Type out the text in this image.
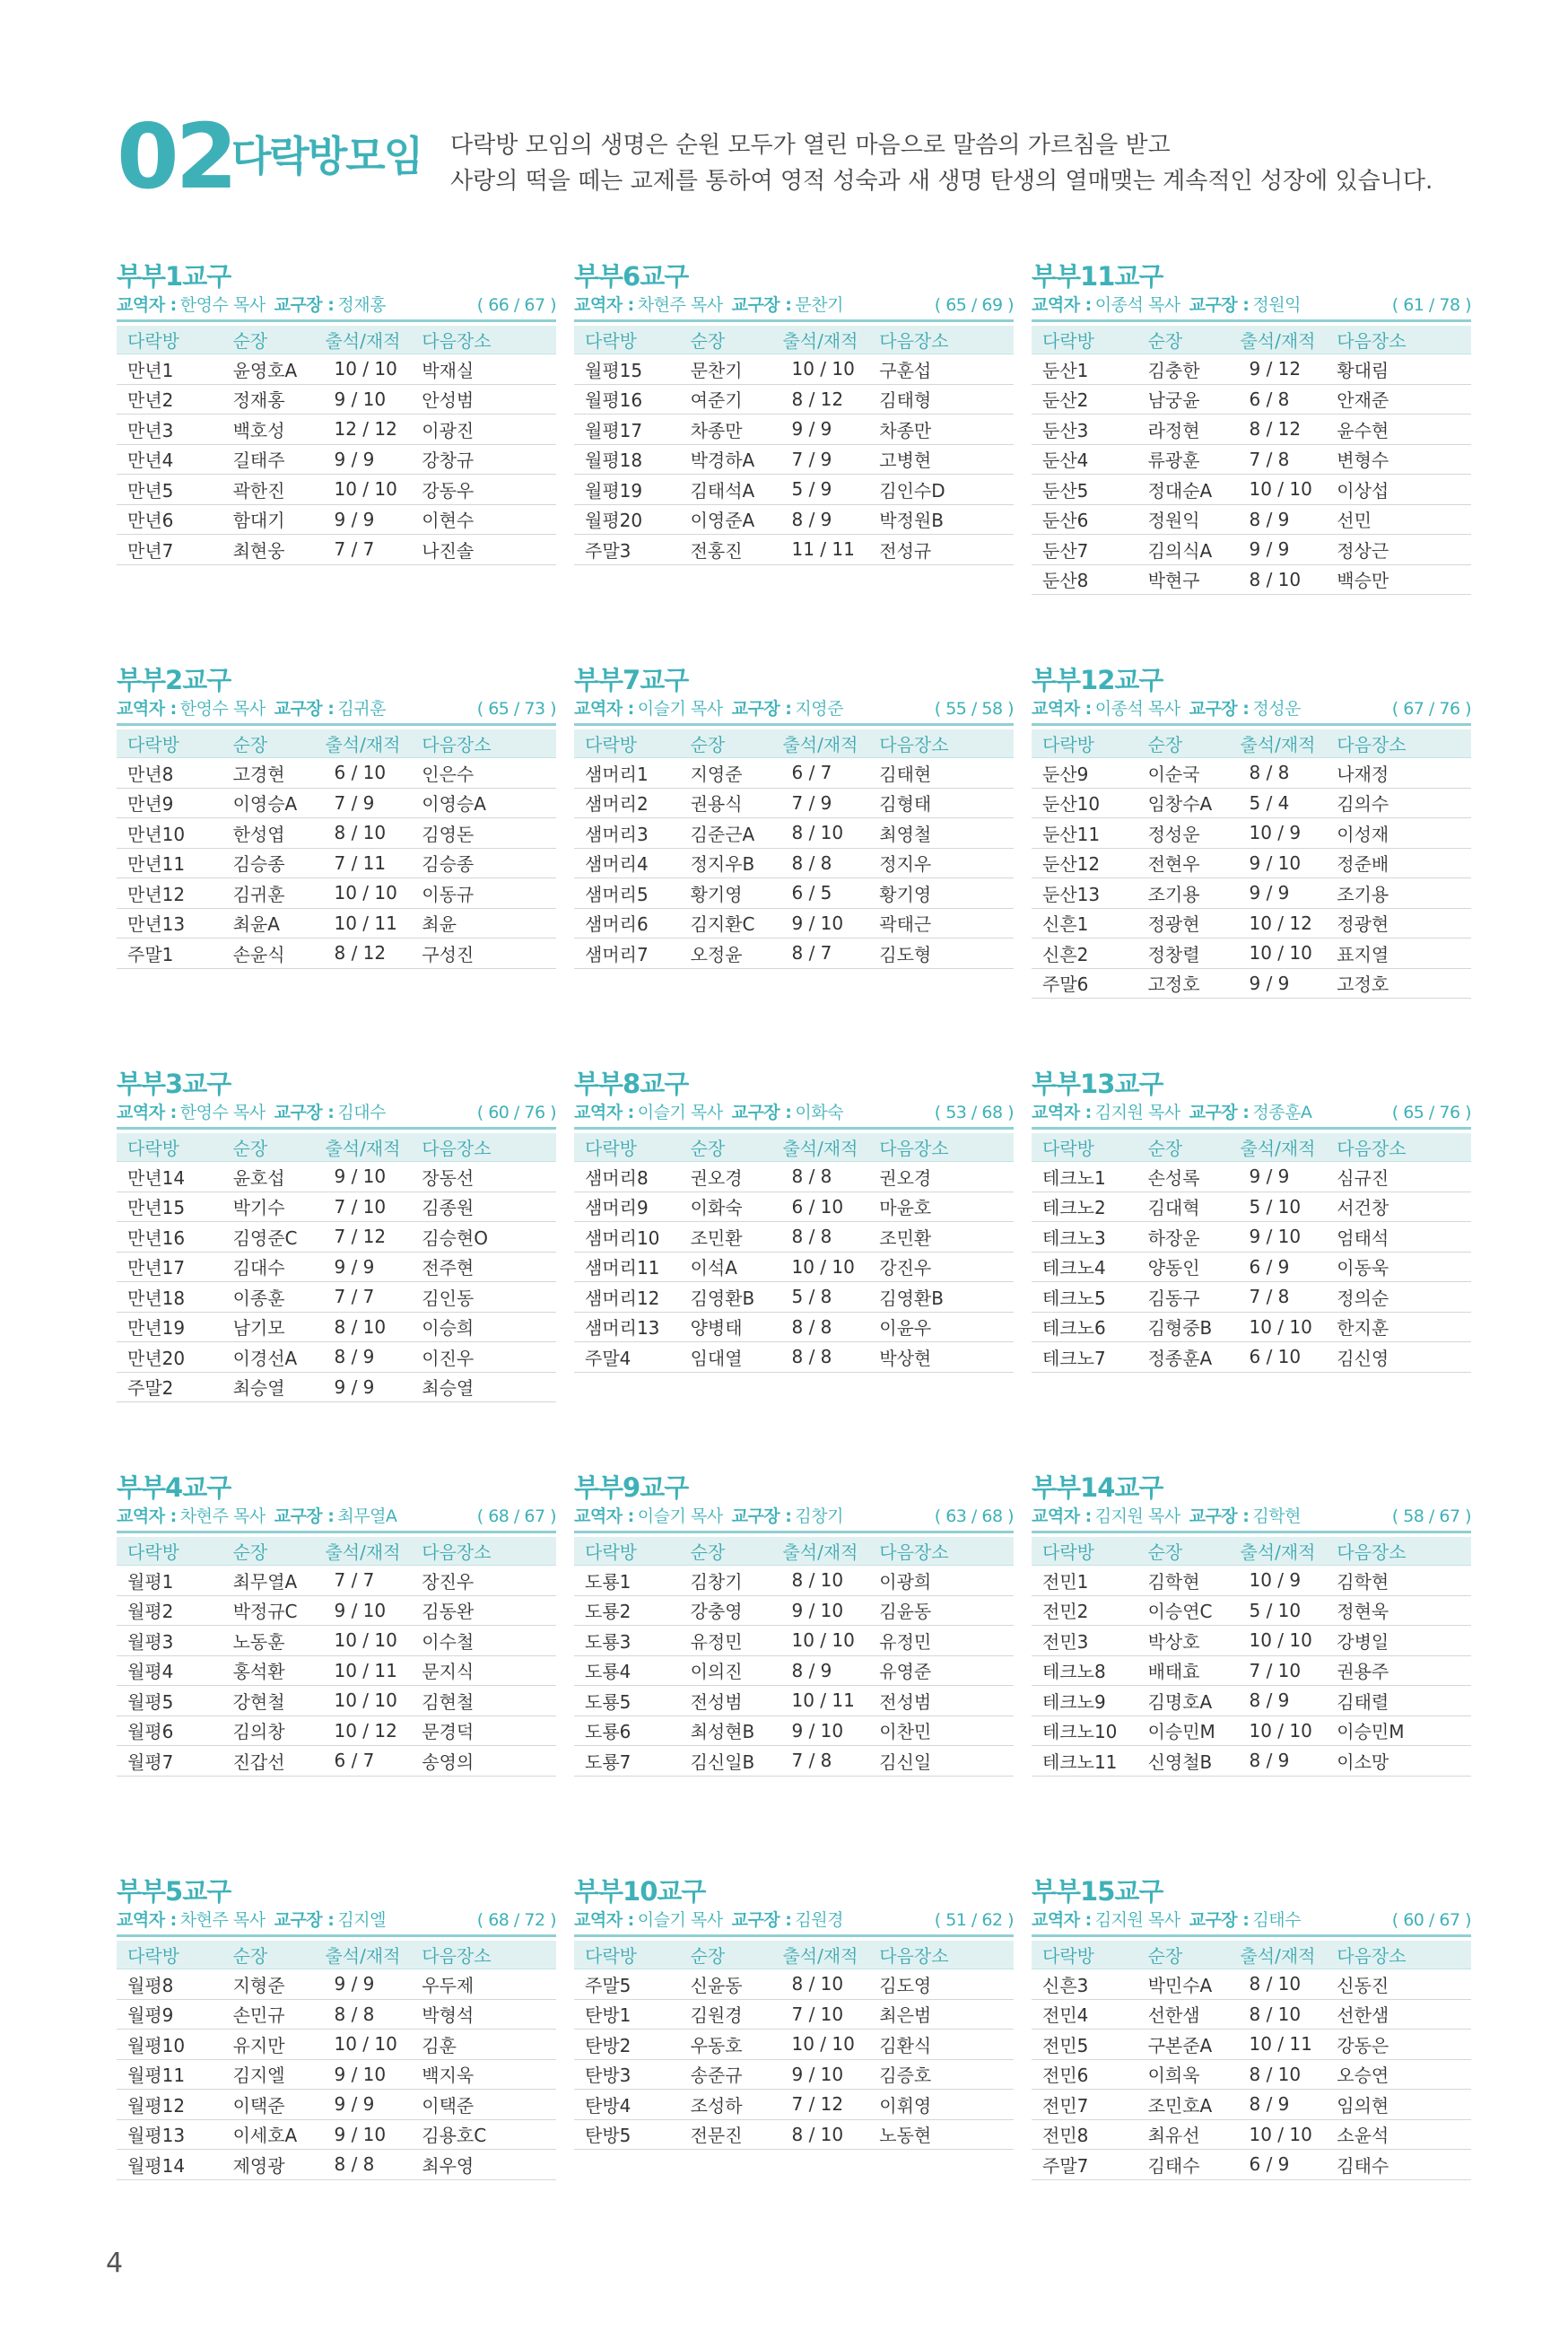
02
다락방모임 다락방 모임의 생명은 순원 모두가 열린 마음으로 말씀의 가르침을 받고
사랑의 떡을 떼는 교제를 통하여 영적 성숙과 새 생명 탄생의 열매맺는 계속적인 성장에 있습니다.
부부1교구
교역자 : 한영수 목사 교구장 : 정재홍	( 66 / 67 )
다락방	순장	출석/재적	다음장소
만년1	윤영호A	10 / 10	박재실
만년2	정재홍	9 / 10	안성범
만년3	백호성	12 / 12	이광진
만년4	길태주	9 / 9	강창규
만년5	곽한진	10 / 10	강동우
만년6	함대기	9 / 9	이현수
만년7	최현웅	7 / 7	나진솔
부부6교구
교역자 : 차현주 목사 교구장 : 문찬기	( 65 / 69 )
다락방	순장	출석/재적	다음장소
월평15	문찬기	10 / 10	구훈섭
월평16	여준기	8 / 12	김태형
월평17	차종만	9 / 9	차종만
월평18	박경하A	7 / 9	고병현
월평19	김태석A	5 / 9	김인수D
월평20	이영준A	8 / 9	박정원B
주말3	전홍진	11 / 11	전성규
부부11교구
교역자 : 이종석 목사 교구장 : 정원익	( 61 / 78 )
다락방	순장	출석/재적	다음장소
둔산1	김충한	9 / 12	황대림
둔산2	남궁윤	6 / 8	안재준
둔산3	라정현	8 / 12	윤수현
둔산4	류광훈	7 / 8	변형수
둔산5	정대순A	10 / 10	이상섭
둔산6	정원익	8 / 9	선민
둔산7	김의식A	9 / 9	정상근
둔산8	박현구	8 / 10	백승만
부부2교구
교역자 : 한영수 목사 교구장 : 김귀훈	( 65 / 73 )
다락방	순장	출석/재적	다음장소
만년8	고경현	6 / 10	인은수
만년9	이영승A	7 / 9	이영승A
만년10	한성엽	8 / 10	김영돈
만년11	김승종	7 / 11	김승종
만년12	김귀훈	10 / 10	이동규
만년13	최윤A	10 / 11	최윤
주말1	손윤식	8 / 12	구성진
부부7교구
교역자 : 이슬기 목사 교구장 : 지영준	( 55 / 58 )
다락방	순장	출석/재적	다음장소
샘머리1	지영준	6 / 7	김태현
샘머리2	권용식	7 / 9	김형태
샘머리3	김준근A	8 / 10	최영철
샘머리4	정지우B	8 / 8	정지우
샘머리5	황기영	6 / 5	황기영
샘머리6	김지환C	9 / 10	곽태근
샘머리7	오정윤	8 / 7	김도형
부부12교구
교역자 : 이종석 목사 교구장 : 정성운	( 67 / 76 )
다락방	순장	출석/재적	다음장소
둔산9	이순국	8 / 8	나재정
둔산10	임창수A	5 / 4	김의수
둔산11	정성운	10 / 9	이성재
둔산12	전현우	9 / 10	정준배
둔산13	조기용	9 / 9	조기용
신흔1	정광현	10 / 12	정광현
신흔2	정창렬	10 / 10	표지열
주말6	고정호	9 / 9	고정호
부부3교구
교역자 : 한영수 목사 교구장 : 김대수	( 60 / 76 )
다락방	순장	출석/재적	다음장소
만년14	윤호섭	9 / 10	장동선
만년15	박기수	7 / 10	김종원
만년16	김영준C	7 / 12	김승현O
만년17	김대수	9 / 9	전주현
만년18	이종훈	7 / 7	김인동
만년19	남기모	8 / 10	이승희
만년20	이경선A	8 / 9	이진우
주말2	최승열	9 / 9	최승열
부부8교구
교역자 : 이슬기 목사 교구장 : 이화숙	( 53 / 68 )
다락방	순장	출석/재적	다음장소
샘머리8	권오경	8 / 8	권오경
샘머리9	이화숙	6 / 10	마윤호
샘머리10	조민환	8 / 8	조민환
샘머리11	이석A	10 / 10	강진우
샘머리12	김영환B	5 / 8	김영환B
샘머리13	양병태	8 / 8	이윤우
주말4	임대열	8 / 8	박상현
부부13교구
교역자 : 김지원 목사 교구장 : 정종훈A	( 65 / 76 )
다락방	순장	출석/재적	다음장소
테크노1	손성록	9 / 9	심규진
테크노2	김대혁	5 / 10	서건창
테크노3	하장운	9 / 10	엄태석
테크노4	양동인	6 / 9	이동욱
테크노5	김동구	7 / 8	정의순
테크노6	김형중B	10 / 10	한지훈
테크노7	정종훈A	6 / 10	김신영
부부4교구
교역자 : 차현주 목사 교구장 : 최무열A	( 68 / 67 )
다락방	순장	출석/재적	다음장소
월평1	최무열A	7 / 7	장진우
월평2	박정규C	9 / 10	김동완
월평3	노동훈	10 / 10	이수철
월평4	홍석환	10 / 11	문지식
월평5	강현철	10 / 10	김현철
월평6	김의창	10 / 12	문경덕
월평7	진갑선	6 / 7	송영의
부부9교구
교역자 : 이슬기 목사 교구장 : 김창기	( 63 / 68 )
다락방	순장	출석/재적	다음장소
도룡1	김창기	8 / 10	이광희
도룡2	강충영	9 / 10	김윤동
도룡3	유정민	10 / 10	유정민
도룡4	이의진	8 / 9	유영준
도룡5	전성범	10 / 11	전성범
도룡6	최성현B	9 / 10	이찬민
도룡7	김신일B	7 / 8	김신일
부부14교구
교역자 : 김지원 목사 교구장 : 김학현	( 58 / 67 )
다락방	순장	출석/재적	다음장소
전민1	김학현	10 / 9	김학현
전민2	이승연C	5 / 10	정현욱
전민3	박상호	10 / 10	강병일
테크노8	배태효	7 / 10	권용주
테크노9	김명호A	8 / 9	김태렬
테크노10	이승민M	10 / 10	이승민M
테크노11	신영철B	8 / 9	이소망
부부5교구
교역자 : 차현주 목사 교구장 : 김지엘	( 68 / 72 )
다락방	순장	출석/재적	다음장소
월평8	지형준	9 / 9	우두제
월평9	손민규	8 / 8	박형석
월평10	유지만	10 / 10	김훈
월평11	김지엘	9 / 10	백지욱
월평12	이택준	9 / 9	이택준
월평13	이세호A	9 / 10	김용호C
월평14	제영광	8 / 8	최우영
부부10교구
교역자 : 이슬기 목사 교구장 : 김원경	( 51 / 62 )
다락방	순장	출석/재적	다음장소
주말5	신윤동	8 / 10	김도영
탄방1	김원경	7 / 10	최은범
탄방2	우동호	10 / 10	김환식
탄방3	송준규	9 / 10	김증호
탄방4	조성하	7 / 12	이휘영
탄방5	전문진	8 / 10	노동현
부부15교구
교역자 : 김지원 목사 교구장 : 김태수	( 60 / 67 )
다락방	순장	출석/재적	다음장소
신흔3	박민수A	8 / 10	신동진
전민4	선한샘	8 / 10	선한샘
전민5	구본준A	10 / 11	강동은
전민6	이희욱	8 / 10	오승연
전민7	조민호A	8 / 9	임의현
전민8	최유선	10 / 10	소윤석
주말7	김태수	6 / 9	김태수
4
